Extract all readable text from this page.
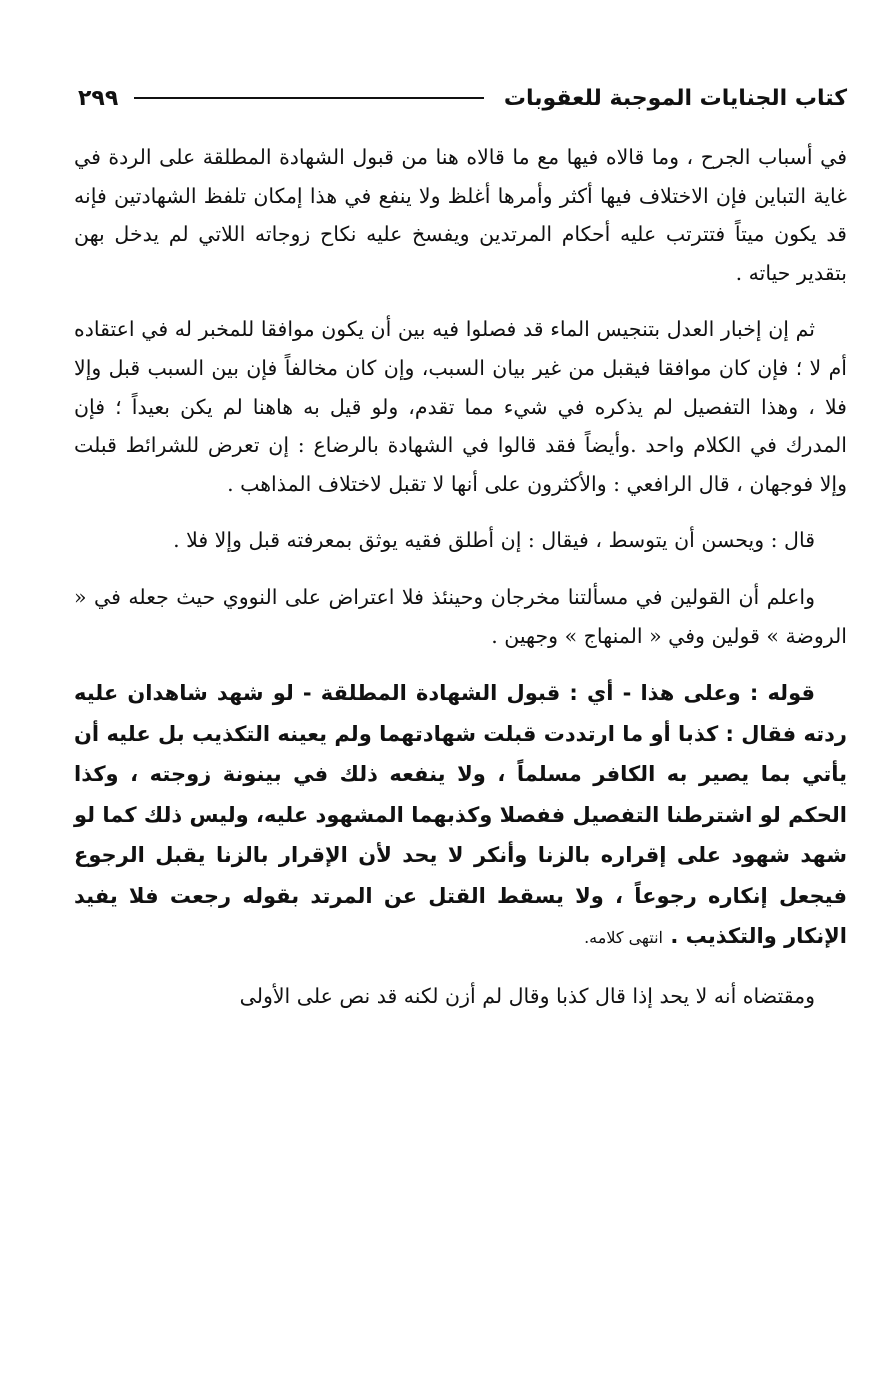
كتاب الجنايات الموجبة للعقوبات
٢٩٩

في أسباب الجرح ، وما قالاه فيها مع ما قالاه هنا من قبول الشهادة المطلقة على الردة في غاية التباين فإن الاختلاف فيها أكثر وأمرها أغلظ ولا ينفع في هذا إمكان تلفظ الشهادتين فإنه قد يكون ميتاً فتترتب عليه أحكام المرتدين ويفسخ عليه نكاح زوجاته اللاتي لم يدخل بهن بتقدير حياته .

ثم إن إخبار العدل بتنجيس الماء قد فصلوا فيه بين أن يكون موافقا للمخبر له في اعتقاده أم لا ؛ فإن كان موافقا فيقبل من غير بيان السبب، وإن كان مخالفاً فإن بين السبب قبل وإلا فلا ، وهذا التفصيل لم يذكره في شيء مما تقدم، ولو قيل به هاهنا لم يكن بعيداً ؛ فإن المدرك في الكلام واحد .وأيضاً فقد قالوا في الشهادة بالرضاع : إن تعرض للشرائط قبلت وإلا فوجهان ، قال الرافعي : والأكثرون على أنها لا تقبل لاختلاف المذاهب .

قال : ويحسن أن يتوسط ، فيقال : إن أطلق فقيه يوثق بمعرفته قبل وإلا فلا .

واعلم أن القولين في مسألتنا مخرجان وحينئذ فلا اعتراض على النووي حيث جعله في « الروضة » قولين وفي « المنهاج » وجهين .

قوله : وعلى هذا - أي : قبول الشهادة المطلقة - لو شهد شاهدان عليه ردته فقال : كذبا أو ما ارتددت قبلت شهادتهما ولم يعينه التكذيب بل عليه أن يأتي بما يصير به الكافر مسلماً ، ولا ينفعه ذلك في بينونة زوجته ، وكذا الحكم لو اشترطنا التفصيل ففصلا وكذبهما المشهود عليه، وليس ذلك كما لو شهد شهود على إقراره بالزنا وأنكر لا يحد لأن الإقرار بالزنا يقبل الرجوع فيجعل إنكاره رجوعاً ، ولا يسقط القتل عن المرتد بقوله رجعت فلا يفيد الإنكار والتكذيب . انتهى كلامه.

ومقتضاه أنه لا يحد إذا قال كذبا وقال لم أزن لكنه قد نص على الأولى
